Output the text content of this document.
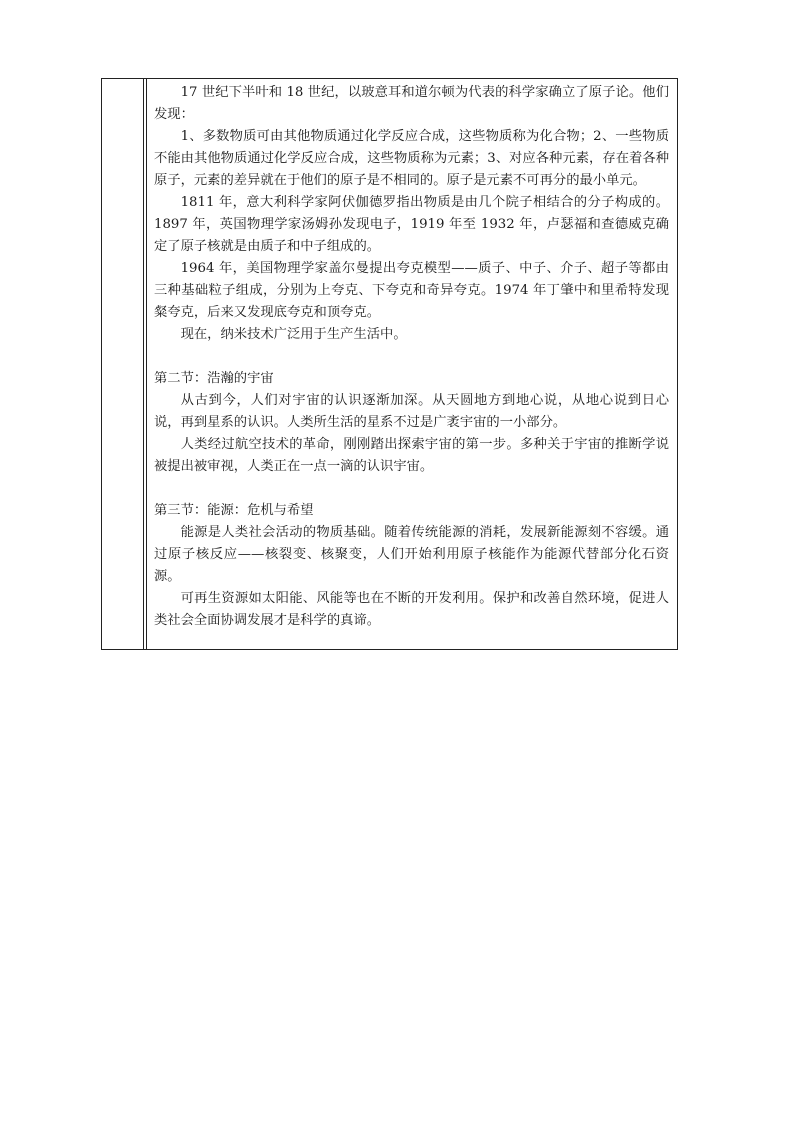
17 世纪下半叶和 18 世纪，以玻意耳和道尔顿为代表的科学家确立了原子论。他们发现：

1、多数物质可由其他物质通过化学反应合成，这些物质称为化合物；2、一些物质不能由其他物质通过化学反应合成，这些物质称为元素；3、对应各种元素，存在着各种原子，元素的差异就在于他们的原子是不相同的。原子是元素不可再分的最小单元。

1811 年，意大利科学家阿伏伽德罗指出物质是由几个院子相结合的分子构成的。1897 年，英国物理学家汤姆孙发现电子，1919 年至 1932 年，卢瑟福和查德威克确定了原子核就是由质子和中子组成的。

1964 年，美国物理学家盖尔曼提出夸克模型——质子、中子、介子、超子等都由三种基础粒子组成，分别为上夸克、下夸克和奇异夸克。1974 年丁肇中和里希特发现粲夸克，后来又发现底夸克和顶夸克。

现在，纳米技术广泛用于生产生活中。

第二节：浩瀚的宇宙

从古到今，人们对宇宙的认识逐渐加深。从天圆地方到地心说，从地心说到日心说，再到星系的认识。人类所生活的星系不过是广袤宇宙的一小部分。

人类经过航空技术的革命，刚刚踏出探索宇宙的第一步。多种关于宇宙的推断学说被提出被审视，人类正在一点一滴的认识宇宙。

第三节：能源：危机与希望

能源是人类社会活动的物质基础。随着传统能源的消耗，发展新能源刻不容缓。通过原子核反应——核裂变、核聚变，人们开始利用原子核能作为能源代替部分化石资源。

可再生资源如太阳能、风能等也在不断的开发利用。保护和改善自然环境，促进人类社会全面协调发展才是科学的真谛。
